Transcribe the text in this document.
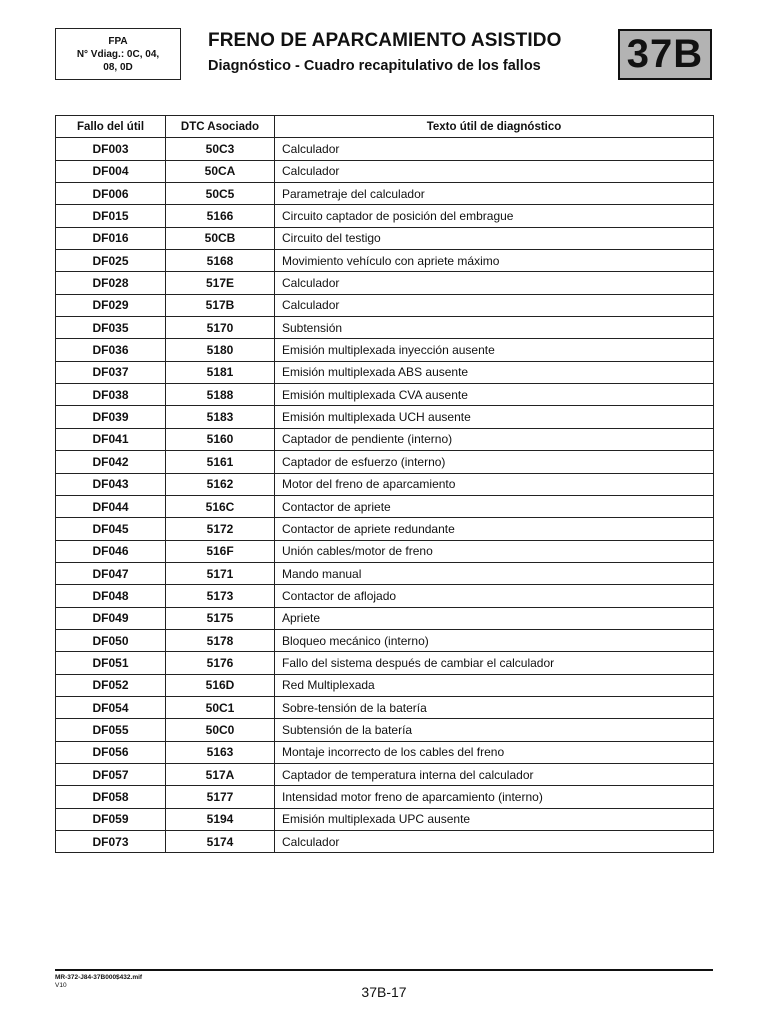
FPA
N° Vdiag.: 0C, 04,
08, 0D
FRENO DE APARCAMIENTO ASISTIDO
Diagnóstico - Cuadro recapitulativo de los fallos 37B
Fallo del útil	DTC Asociado	Texto útil de diagnóstico
DF003	50C3	Calculador
DF004	50CA	Calculador
DF006	50C5	Parametraje del calculador
DF015	5166	Circuito captador de posición del embrague
DF016	50CB	Circuito del testigo
DF025	5168	Movimiento vehículo con apriete máximo
DF028	517E	Calculador
DF029	517B	Calculador
DF035	5170	Subtensión
DF036	5180	Emisión multiplexada inyección ausente
DF037	5181	Emisión multiplexada ABS ausente
DF038	5188	Emisión multiplexada CVA ausente
DF039	5183	Emisión multiplexada UCH ausente
DF041	5160	Captador de pendiente (interno)
DF042	5161	Captador de esfuerzo (interno)
DF043	5162	Motor del freno de aparcamiento
DF044	516C	Contactor de apriete
DF045	5172	Contactor de apriete redundante
DF046	516F	Unión cables/motor de freno
DF047	5171	Mando manual
DF048	5173	Contactor de aflojado
DF049	5175	Apriete
DF050	5178	Bloqueo mecánico (interno)
DF051	5176	Fallo del sistema después de cambiar el calculador
DF052	516D	Red Multiplexada
DF054	50C1	Sobre-tensión de la batería
DF055	50C0	Subtensión de la batería
DF056	5163	Montaje incorrecto de los cables del freno
DF057	517A	Captador de temperatura interna del calculador
DF058	5177	Intensidad motor freno de aparcamiento (interno)
DF059	5194	Emisión multiplexada UPC ausente
DF073	5174	Calculador
MR-372-J84-37B000$432.mif
V10	37B-17
